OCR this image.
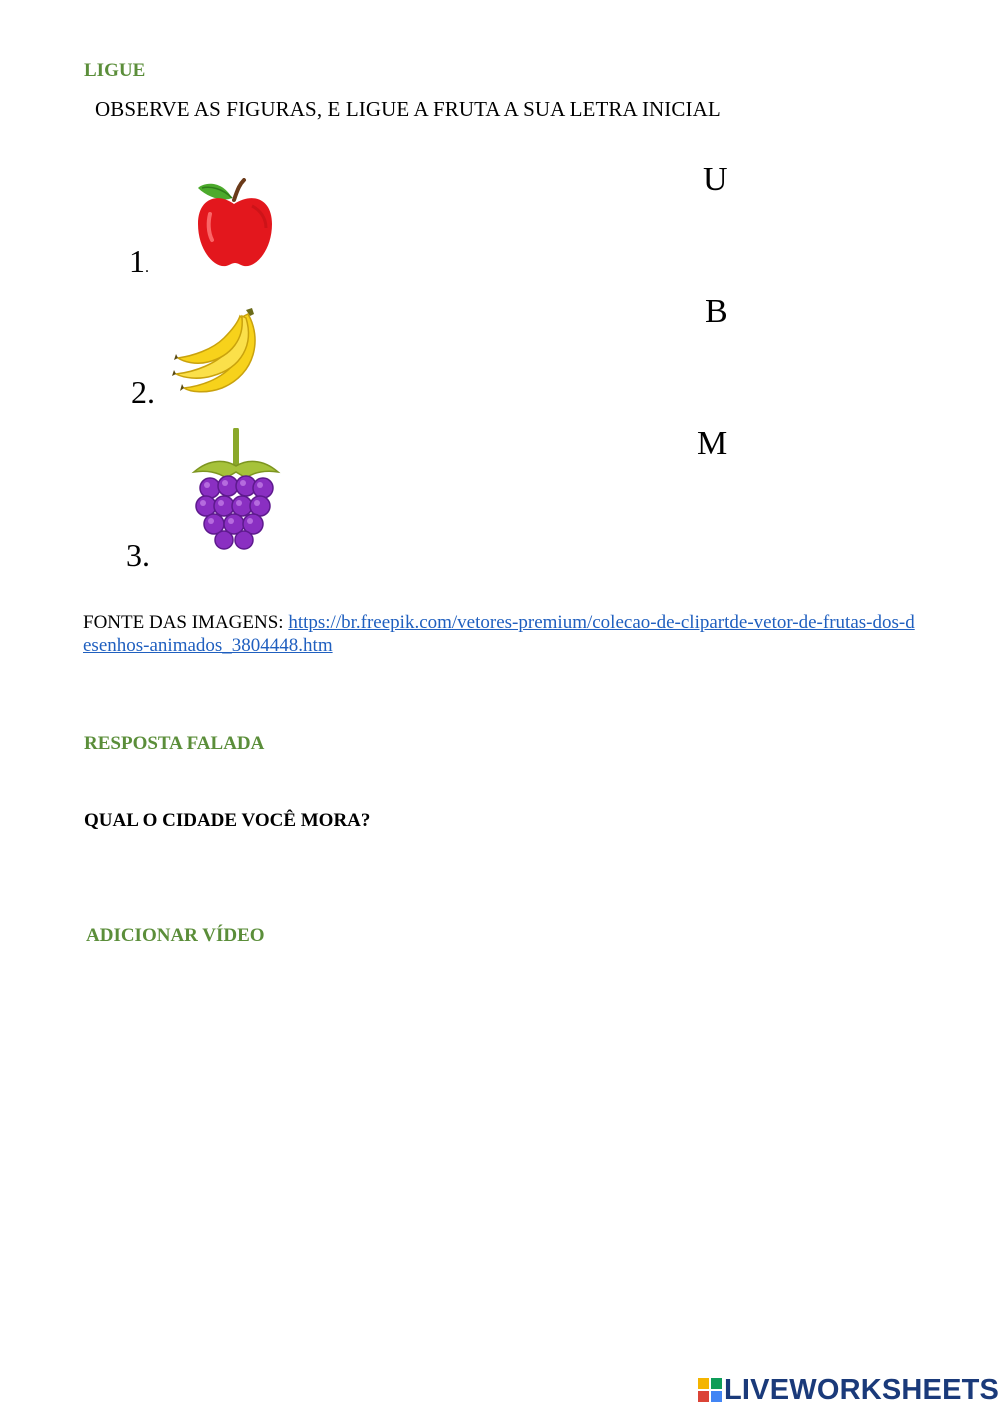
LIGUE
OBSERVE AS FIGURAS, E LIGUE A FRUTA A SUA LETRA INICIAL
1.
U
2.
B
3.
M
FONTE DAS IMAGENS: https://br.freepik.com/vetores-premium/colecao-de-clipartde-vetor-de-frutas-dos-desenhos-animados_3804448.htm
RESPOSTA FALADA
QUAL O CIDADE VOCÊ MORA?
ADICIONAR VÍDEO
LIVEWORKSHEETS
